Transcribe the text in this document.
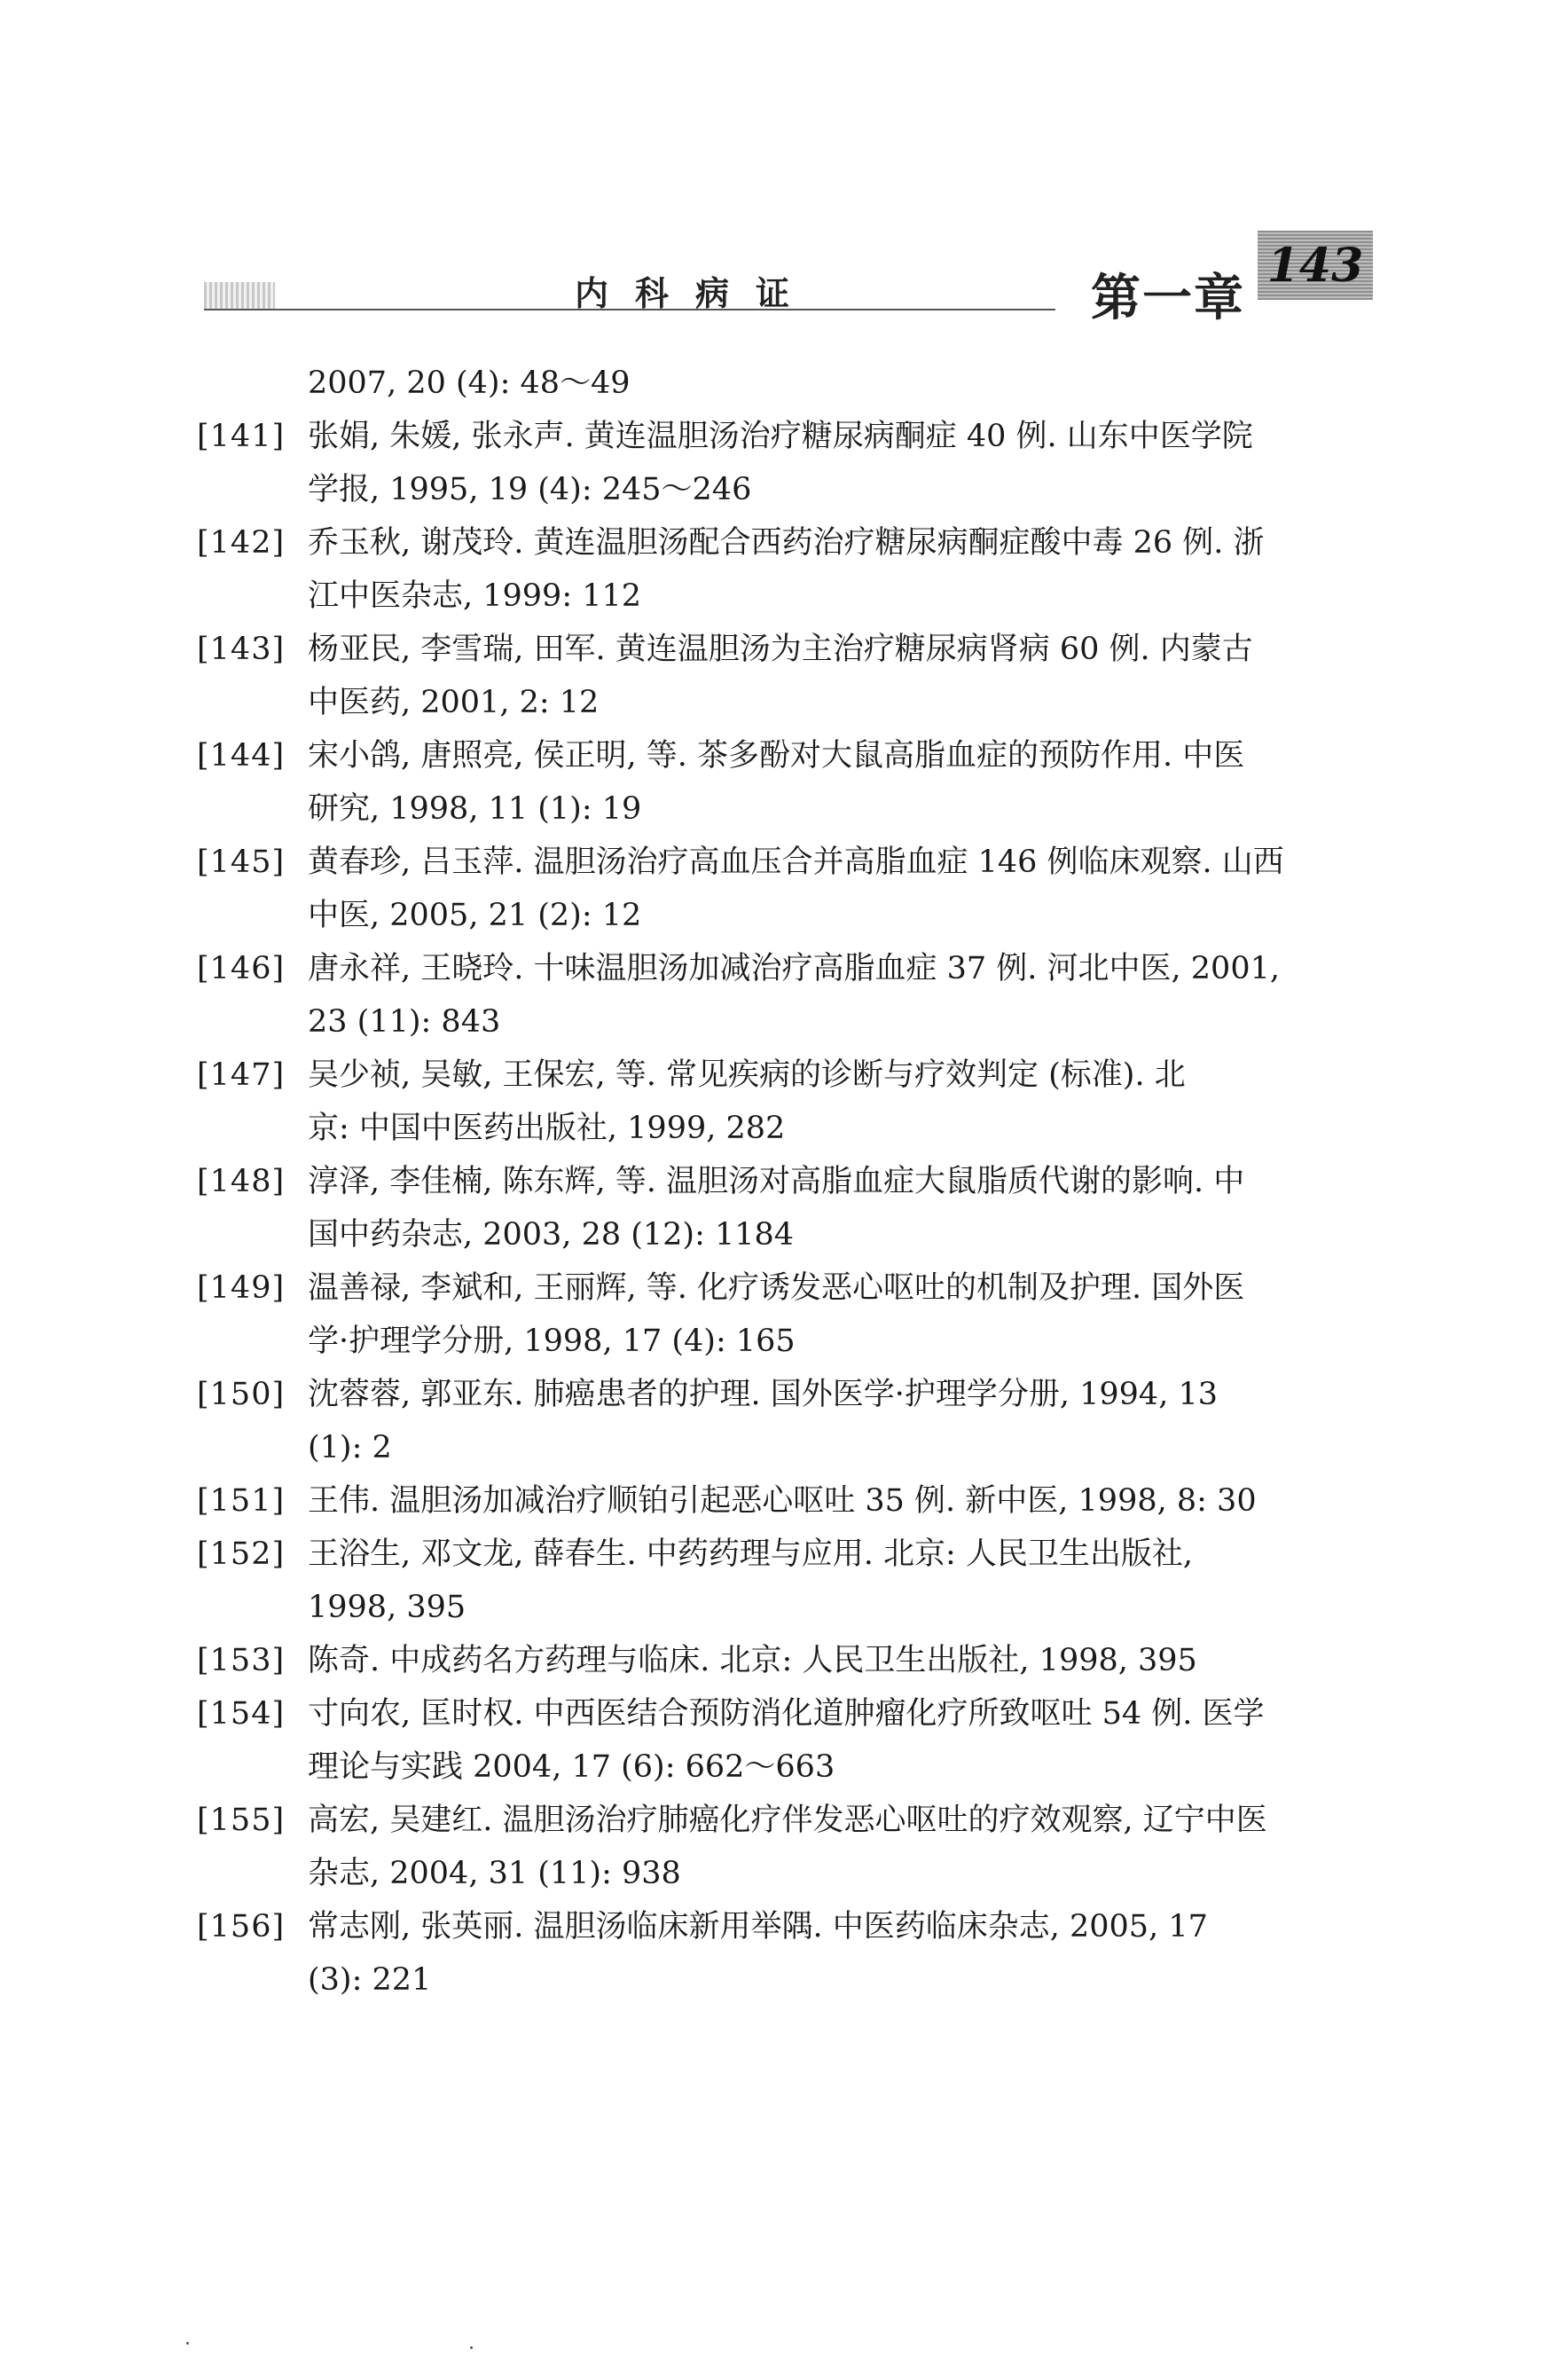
内科病证	第一章
143
2007, 20 (4): 48～49
[141] 张娟, 朱媛, 张永声. 黄连温胆汤治疗糖尿病酮症 40 例. 山东中医学院
学报, 1995, 19 (4): 245～246
[142] 乔玉秋, 谢茂玲. 黄连温胆汤配合西药治疗糖尿病酮症酸中毒 26 例. 浙
江中医杂志, 1999: 112
[143] 杨亚民, 李雪瑞, 田军. 黄连温胆汤为主治疗糖尿病肾病 60 例. 内蒙古
中医药, 2001, 2: 12
[144] 宋小鸽, 唐照亮, 侯正明, 等. 茶多酚对大鼠高脂血症的预防作用. 中医
研究, 1998, 11 (1): 19
[145] 黄春珍, 吕玉萍. 温胆汤治疗高血压合并高脂血症 146 例临床观察. 山西
中医, 2005, 21 (2): 12
[146] 唐永祥, 王晓玲. 十味温胆汤加减治疗高脂血症 37 例. 河北中医, 2001,
23 (11): 843
[147] 吴少祯, 吴敏, 王保宏, 等. 常见疾病的诊断与疗效判定 (标准). 北
京: 中国中医药出版社, 1999, 282
[148] 淳泽, 李佳楠, 陈东辉, 等. 温胆汤对高脂血症大鼠脂质代谢的影响. 中
国中药杂志, 2003, 28 (12): 1184
[149] 温善禄, 李斌和, 王丽辉, 等. 化疗诱发恶心呕吐的机制及护理. 国外医
学·护理学分册, 1998, 17 (4): 165
[150] 沈蓉蓉, 郭亚东. 肺癌患者的护理. 国外医学·护理学分册, 1994, 13
(1): 2
[151] 王伟. 温胆汤加减治疗顺铂引起恶心呕吐 35 例. 新中医, 1998, 8: 30
[152] 王浴生, 邓文龙, 薛春生. 中药药理与应用. 北京: 人民卫生出版社,
1998, 395
[153] 陈奇. 中成药名方药理与临床. 北京: 人民卫生出版社, 1998, 395
[154] 寸向农, 匡时权. 中西医结合预防消化道肿瘤化疗所致呕吐 54 例. 医学
理论与实践 2004, 17 (6): 662～663
[155] 高宏, 吴建红. 温胆汤治疗肺癌化疗伴发恶心呕吐的疗效观察, 辽宁中医
杂志, 2004, 31 (11): 938
[156] 常志刚, 张英丽. 温胆汤临床新用举隅. 中医药临床杂志, 2005, 17
(3): 221
